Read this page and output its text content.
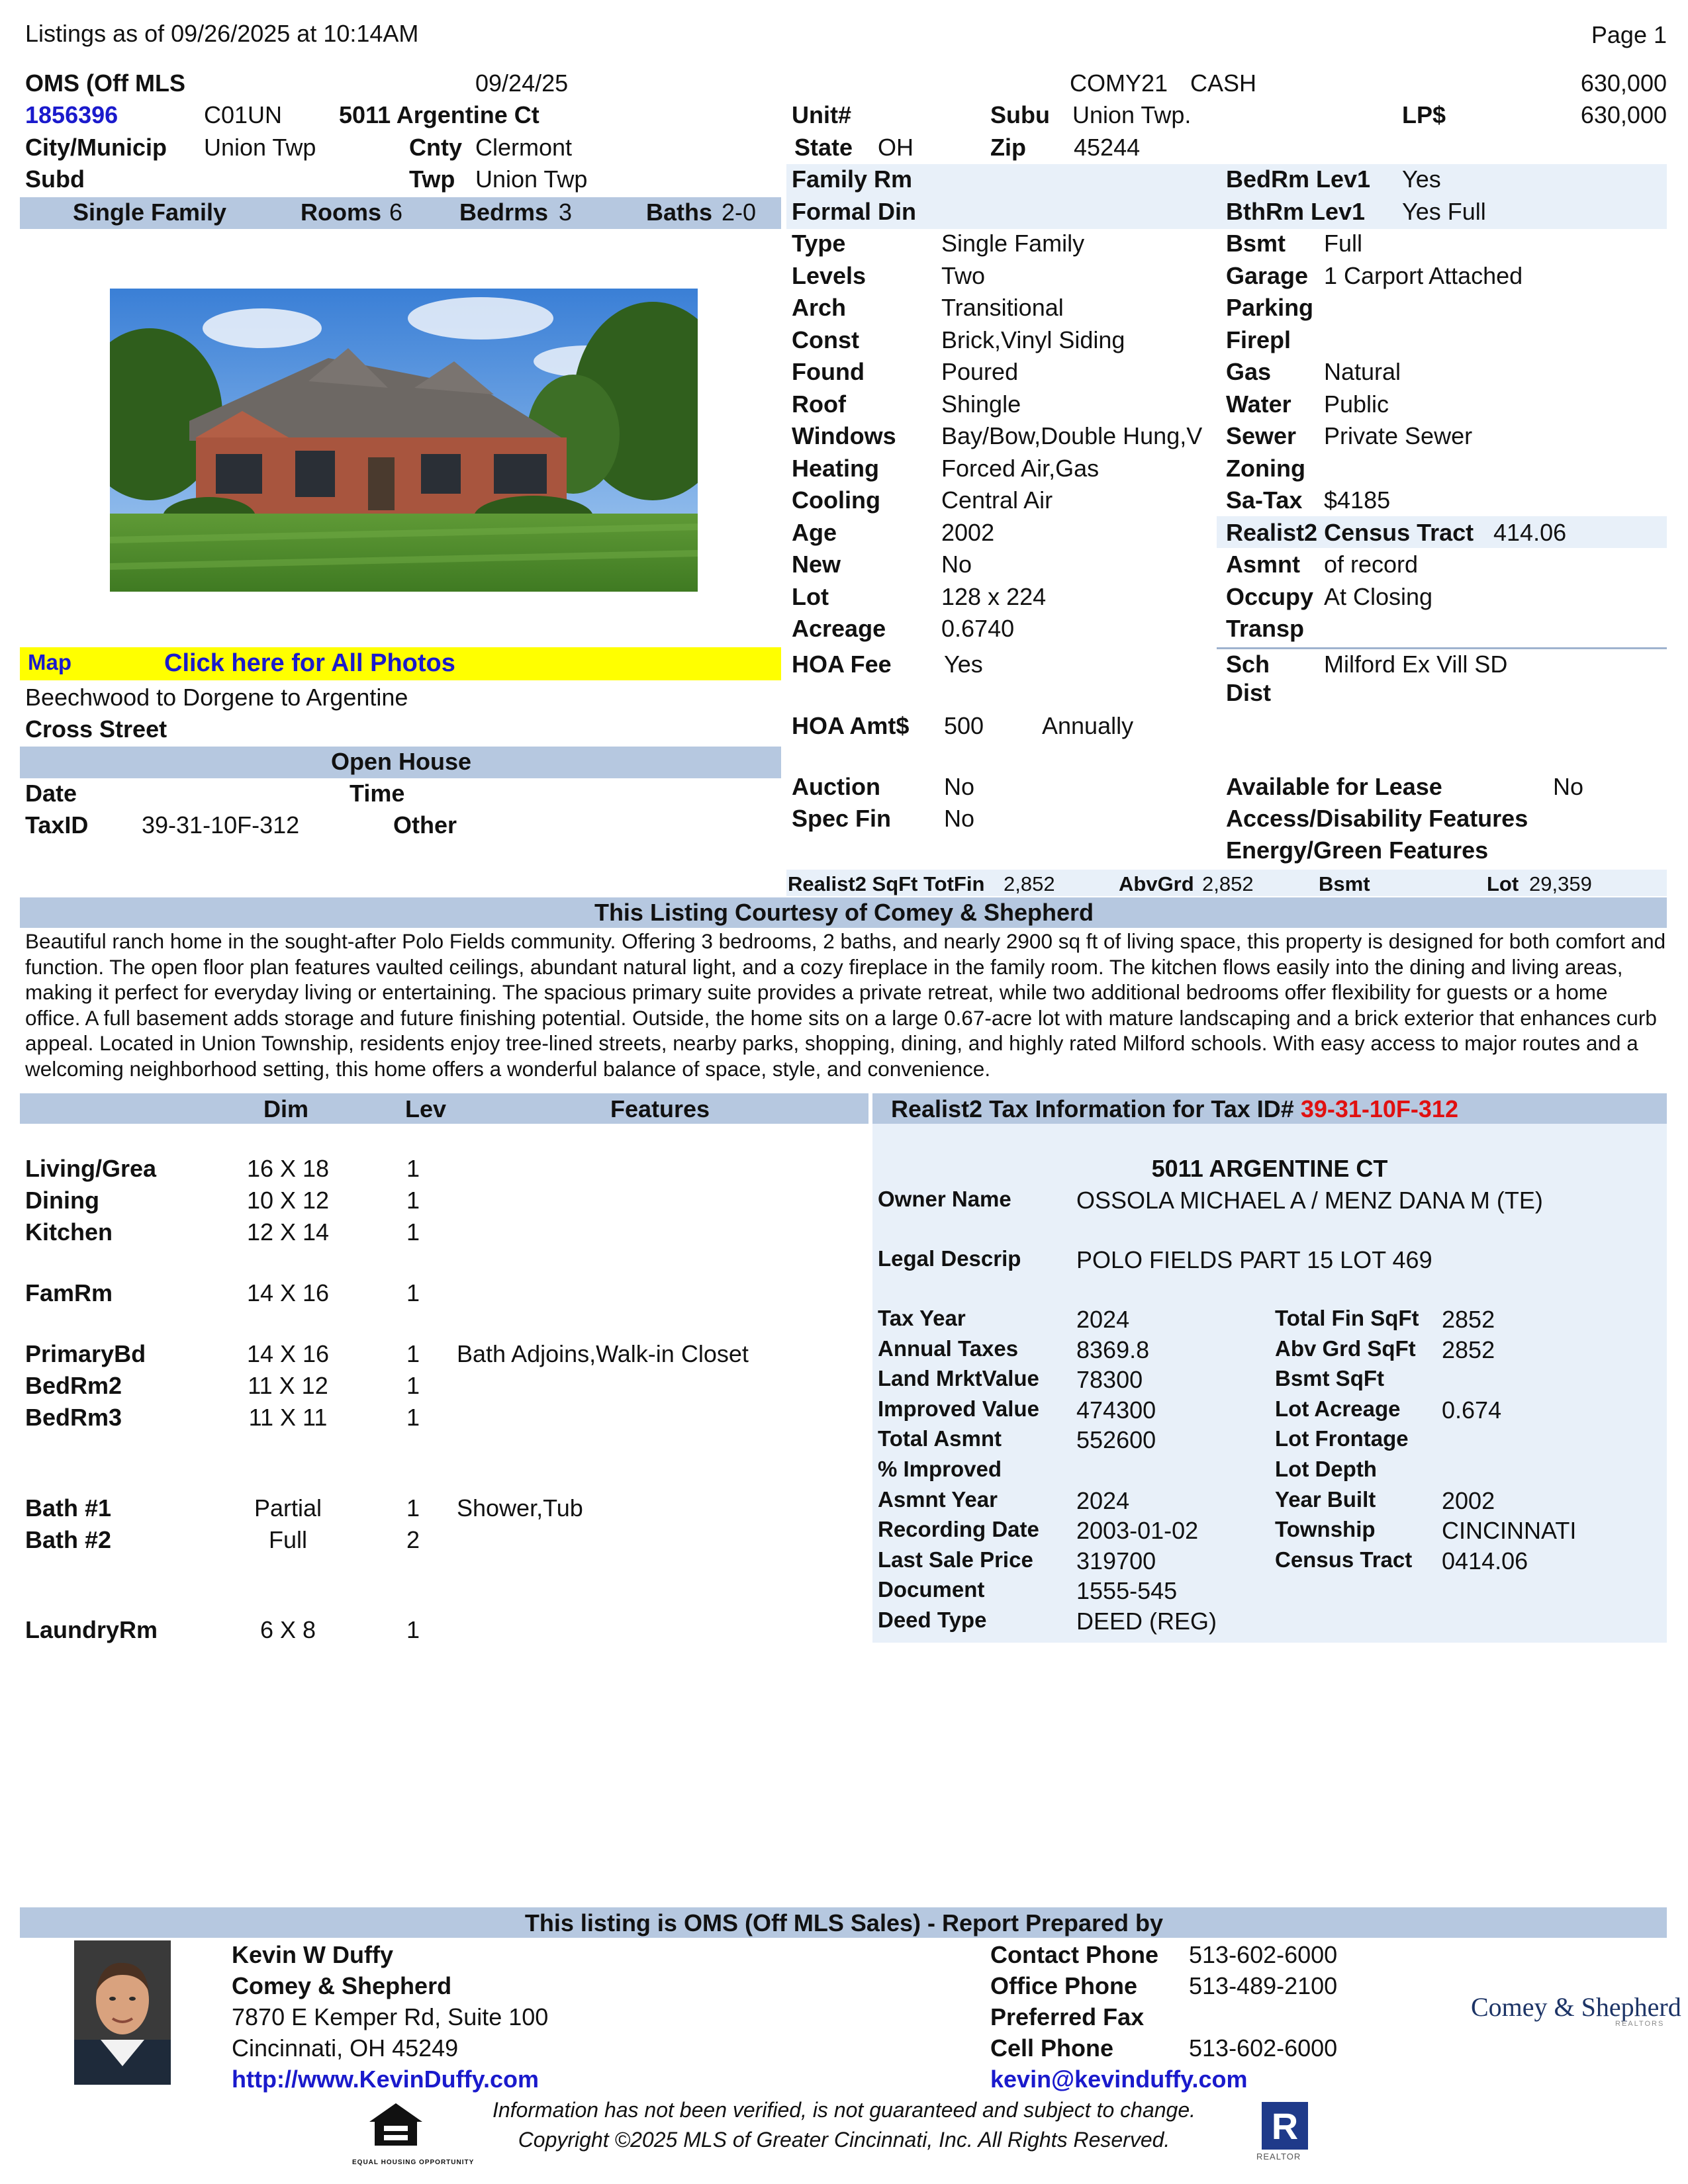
Listings as of 09/26/2025 at 10:14AM	Page 1
OMS (Off MLS	09/24/25	COMY21 CASH	630,000
1856396	C01UN 5011 Argentine Ct	Unit#	Subu Union Twp.	LP$	630,000
City/Municip Union Twp	Cnty Clermont	State OH	Zip 45244
Subd	Twp Union Twp
Single Family	Rooms 6 Bedrms 3	Baths 2-0
Family Rm
Formal Din
Type	Single Family
Levels	Two
Arch	Transitional
Const	Brick,Vinyl Siding
Found	Poured
Roof	Shingle
Windows Bay/Bow,Double Hung,V
Heating	Forced Air,Gas
Cooling	Central Air
Age	2002
New	No
Lot	128 x 224
Acreage 0.6740
BedRm Lev1 Yes
BthRm Lev1 Yes Full
Bsmt Full
Garage 1 Carport Attached
Parking
Firepl
Gas Natural
Water Public
Sewer Private Sewer
Zoning
Sa-Tax $4185
Realist2 Census Tract 414.06
Asmnt of record
Occupy At Closing
Transp
Map	Click here for All Photos
Beechwood to Dorgene to Argentine
Cross Street
Open House
Date	Time
TaxID 39-31-10F-312	Other
HOA Fee Yes	Sch
Dist
Milford Ex Vill SD
HOA Amt$ 500 Annually
Auction	No
Spec Fin No
Available for Lease	No
Access/Disability Features
Energy/Green Features
Realist2 SqFt TotFin 2,852	AbvGrd 2,852	Bsmt	Lot 29,359
This Listing Courtesy of Comey & Shepherd
Beautiful ranch home in the sought-after Polo Fields community. Offering 3 bedrooms, 2 baths, and nearly 2900 sq ft of living space, this property is designed for both comfort and function. The open floor plan features vaulted ceilings, abundant natural light, and a cozy fireplace in the family room. The kitchen flows easily into the dining and living areas, making it perfect for everyday living or entertaining. The spacious primary suite provides a private retreat, while two additional bedrooms offer flexibility for guests or a home office. A full basement adds storage and future finishing potential. Outside, the home sits on a large 0.67-acre lot with mature landscaping and a brick exterior that enhances curb appeal. Located in Union Township, residents enjoy tree-lined streets, nearby parks, shopping, dining, and highly rated Milford schools. With easy access to major routes and a welcoming neighborhood setting, this home offers a wonderful balance of space, style, and convenience.
Dim	Lev	Features
Living/Grea	16 X 18	1
Dining	10 X 12	1
Kitchen	12 X 14	1
FamRm	14 X 16	1
PrimaryBd	14 X 16	1 Bath Adjoins,Walk-in Closet
BedRm2	11 X 12	1
BedRm3	11 X 11	1
Bath #1	Partial	1 Shower,Tub
Bath #2	Full	2
LaundryRm	6 X 8	1
Realist2 Tax Information for Tax ID# 39-31-10F-312
5011 ARGENTINE CT
Owner Name	OSSOLA MICHAEL A / MENZ DANA M (TE)
Legal Descrip POLO FIELDS PART 15 LOT 469
Tax Year	2024
Annual Taxes 8369.8
Land MrktValue 78300
Improved Value 474300
Total Asmnt	552600
% Improved
Asmnt Year	2024
Recording Date 2003-01-02
Last Sale Price 319700
Document	1555-545
Deed Type	DEED (REG)
Total Fin SqFt 2852
Abv Grd SqFt 2852
Bsmt SqFt
Lot Acreage 0.674
Lot Frontage
Lot Depth
Year Built	2002
Township	CINCINNATI
Census Tract 0414.06
This listing is OMS (Off MLS Sales) - Report Prepared by
Kevin W Duffy
Comey & Shepherd
7870 E Kemper Rd, Suite 100
Cincinnati, OH 45249
http://www.KevinDuffy.com
Contact Phone 513-602-6000
Office Phone 513-489-2100
Preferred Fax
Cell Phone	513-602-6000
kevin@kevinduffy.com
Comey & Shepherd
REALTORS
EQUAL HOUSING OPPORTUNITY
R
REALTOR
Information has not been verified, is not guaranteed and subject to change.
Copyright ©2025 MLS of Greater Cincinnati, Inc. All Rights Reserved.
